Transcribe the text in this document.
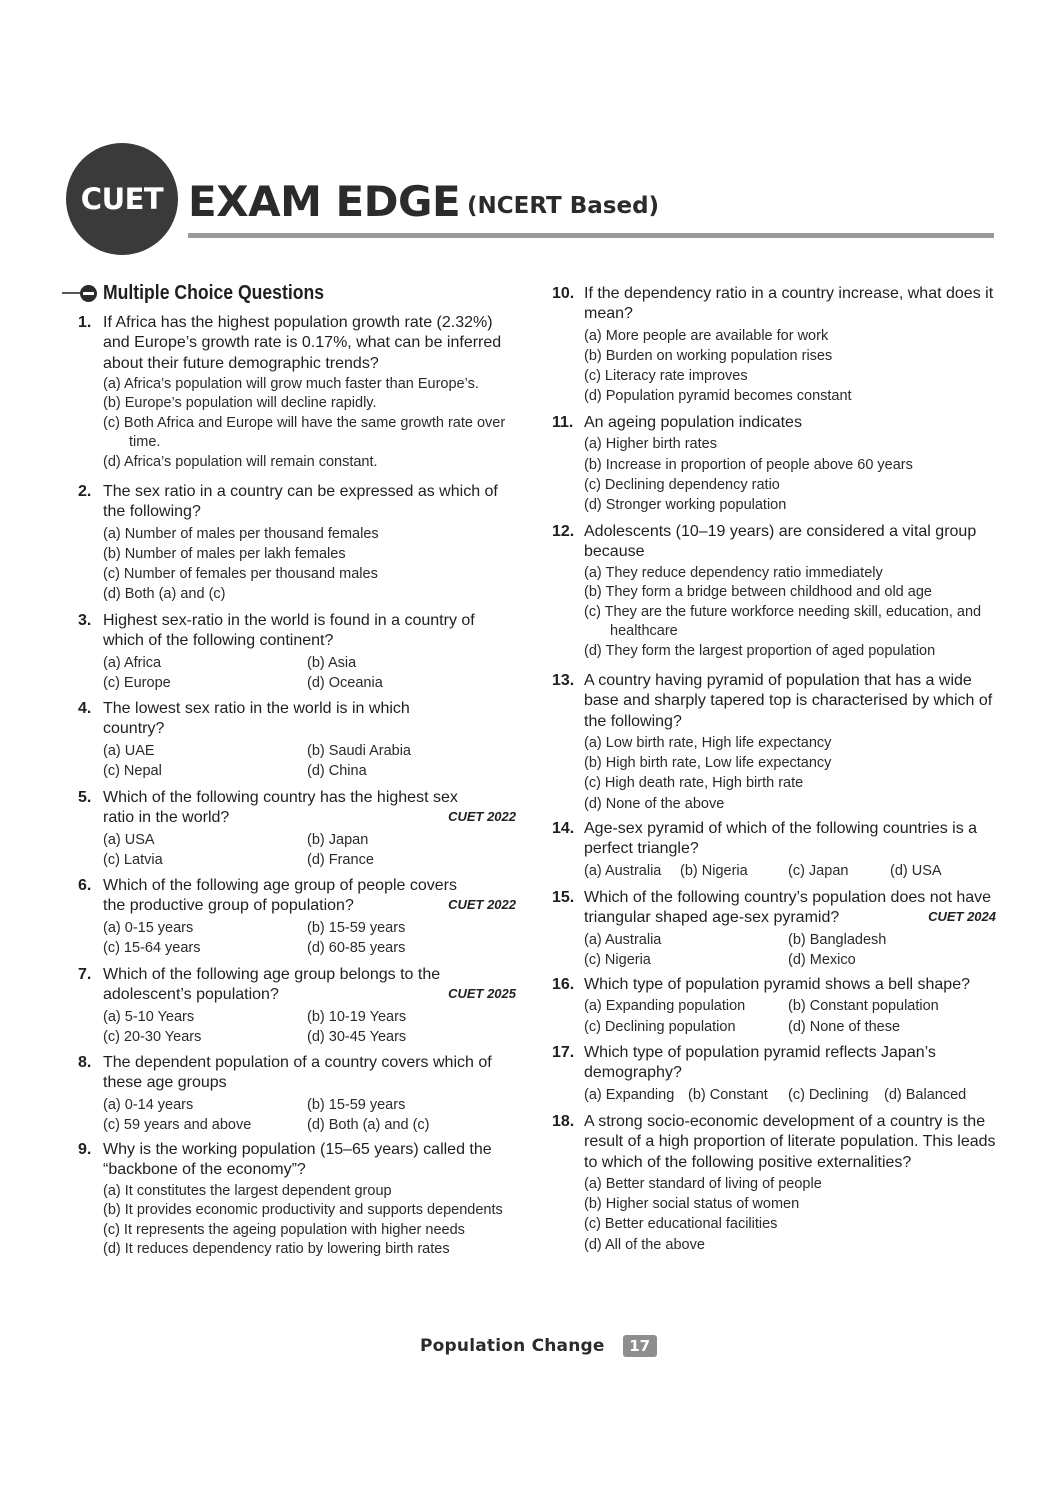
CUET EXAM EDGE (NCERT Based)
Multiple Choice Questions
1. If Africa has the highest population growth rate (2.32%) and Europe’s growth rate is 0.17%, what can be inferred about their future demographic trends?
(a) Africa’s population will grow much faster than Europe’s.
(b) Europe’s population will decline rapidly.
(c) Both Africa and Europe will have the same growth rate over time.
(d) Africa’s population will remain constant.
2. The sex ratio in a country can be expressed as which of the following?
(a) Number of males per thousand females
(b) Number of males per lakh females
(c) Number of females per thousand males
(d) Both (a) and (c)
3. Highest sex-ratio in the world is found in a country of which of the following continent?
(a) Africa	(b) Asia
(c) Europe	(d) Oceania
4. The lowest sex ratio in the world is in which country?
(a) UAE	(b) Saudi Arabia
(c) Nepal	(d) China
5. Which of the following country has the highest sex ratio in the world?	CUET 2022
(a) USA	(b) Japan
(c) Latvia	(d) France
6. Which of the following age group of people covers the productive group of population?	CUET 2022
(a) 0-15 years	(b) 15-59 years
(c) 15-64 years	(d) 60-85 years
7. Which of the following age group belongs to the adolescent’s population?	CUET 2025
(a) 5-10 Years	(b) 10-19 Years
(c) 20-30 Years	(d) 30-45 Years
8. The dependent population of a country covers which of these age groups
(a) 0-14 years	(b) 15-59 years
(c) 59 years and above	(d) Both (a) and (c)
9. Why is the working population (15–65 years) called the “backbone of the economy”?
(a) It constitutes the largest dependent group
(b) It provides economic productivity and supports dependents
(c) It represents the ageing population with higher needs
(d) It reduces dependency ratio by lowering birth rates
10. If the dependency ratio in a country increase, what does it mean?
(a) More people are available for work
(b) Burden on working population rises
(c) Literacy rate improves
(d) Population pyramid becomes constant
11. An ageing population indicates
(a) Higher birth rates
(b) Increase in proportion of people above 60 years
(c) Declining dependency ratio
(d) Stronger working population
12. Adolescents (10–19 years) are considered a vital group because
(a) They reduce dependency ratio immediately
(b) They form a bridge between childhood and old age
(c) They are the future workforce needing skill, education, and healthcare
(d) They form the largest proportion of aged population
13. A country having pyramid of population that has a wide base and sharply tapered top is characterised by which of the following?
(a) Low birth rate, High life expectancy
(b) High birth rate, Low life expectancy
(c) High death rate, High birth rate
(d) None of the above
14. Age-sex pyramid of which of the following countries is a perfect triangle?
(a) Australia	(b) Nigeria	(c) Japan	(d) USA
15. Which of the following country’s population does not have triangular shaped age-sex pyramid?	CUET 2024
(a) Australia	(b) Bangladesh
(c) Nigeria	(d) Mexico
16. Which type of population pyramid shows a bell shape?
(a) Expanding population	(b) Constant population
(c) Declining population	(d) None of these
17. Which type of population pyramid reflects Japan’s demography?
(a) Expanding (b) Constant	(c) Declining	(d) Balanced
18. A strong socio-economic development of a country is the result of a high proportion of literate population. This leads to which of the following positive externalities?
(a) Better standard of living of people
(b) Higher social status of women
(c) Better educational facilities
(d) All of the above
Population Change	17
